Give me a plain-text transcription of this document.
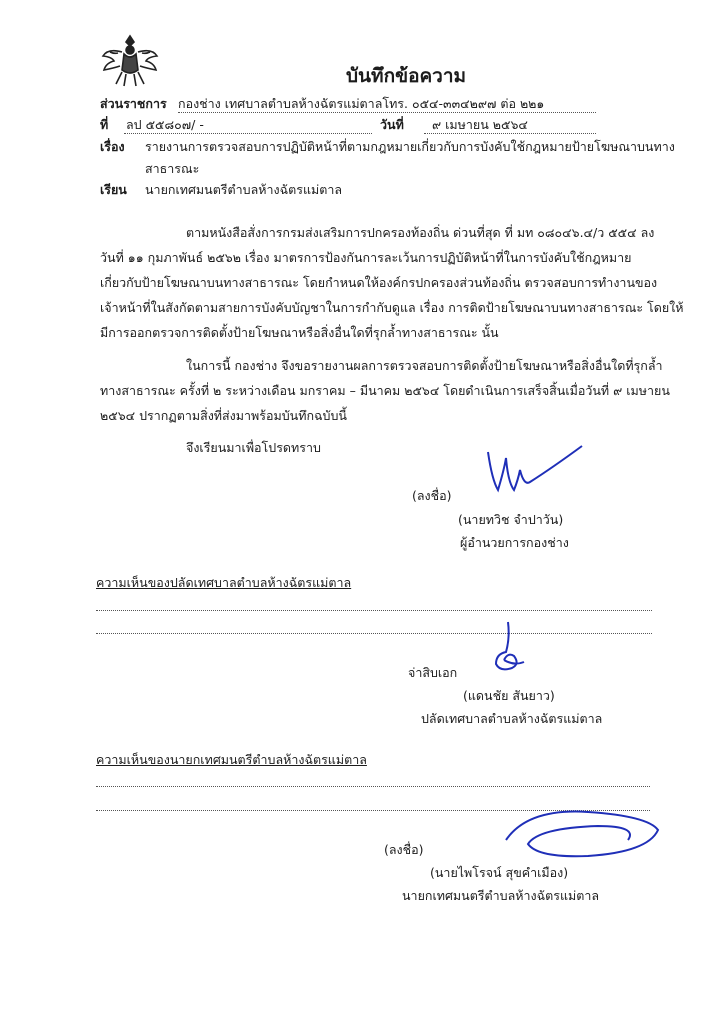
บันทึกข้อความ
ส่วนราชการ กองช่าง เทศบาลตำบลห้างฉัตรแม่ตาลโทร. ๐๕๔-๓๓๔๒๙๗ ต่อ ๒๒๑
ที่ ลป ๕๕๘๐๗/ -	วันที่ ๙ เมษายน ๒๕๖๔
เรื่อง รายงานการตรวจสอบการปฏิบัติหน้าที่ตามกฎหมายเกี่ยวกับการบังคับใช้กฎหมายป้ายโฆษณาบนทาง
สาธารณะ
เรียน นายกเทศมนตรีตำบลห้างฉัตรแม่ตาล
ตามหนังสือสั่งการกรมส่งเสริมการปกครองท้องถิ่น ด่วนที่สุด ที่ มท ๐๘๐๔๖.๔/ว ๕๕๔ ลง
วันที่ ๑๑ กุมภาพันธ์ ๒๕๖๒ เรื่อง มาตรการป้องกันการละเว้นการปฏิบัติหน้าที่ในการบังคับใช้กฎหมาย
เกี่ยวกับป้ายโฆษณาบนทางสาธารณะ โดยกำหนดให้องค์กรปกครองส่วนท้องถิ่น ตรวจสอบการทำงานของ
เจ้าหน้าที่ในสังกัดตามสายการบังคับบัญชาในการกำกับดูแล เรื่อง การติดป้ายโฆษณาบนทางสาธารณะ โดยให้
มีการออกตรวจการติดตั้งป้ายโฆษณาหรือสิ่งอื่นใดที่รุกล้ำทางสาธารณะ นั้น
ในการนี้ กองช่าง จึงขอรายงานผลการตรวจสอบการติดตั้งป้ายโฆษณาหรือสิ่งอื่นใดที่รุกล้ำ
ทางสาธารณะ ครั้งที่ ๒ ระหว่างเดือน มกราคม – มีนาคม ๒๕๖๔ โดยดำเนินการเสร็จสิ้นเมื่อวันที่ ๙ เมษายน
๒๕๖๔ ปรากฏตามสิ่งที่ส่งมาพร้อมบันทึกฉบับนี้
จึงเรียนมาเพื่อโปรดทราบ
(ลงชื่อ)
(นายทวิช จำปาวัน)
ผู้อำนวยการกองช่าง
ความเห็นของปลัดเทศบาลตำบลห้างฉัตรแม่ตาล
จ่าสิบเอก
(แดนชัย สันยาว)
ปลัดเทศบาลตำบลห้างฉัตรแม่ตาล
ความเห็นของนายกเทศมนตรีตำบลห้างฉัตรแม่ตาล
(ลงชื่อ)
(นายไพโรจน์ สุขคำเมือง)
นายกเทศมนตรีตำบลห้างฉัตรแม่ตาล
